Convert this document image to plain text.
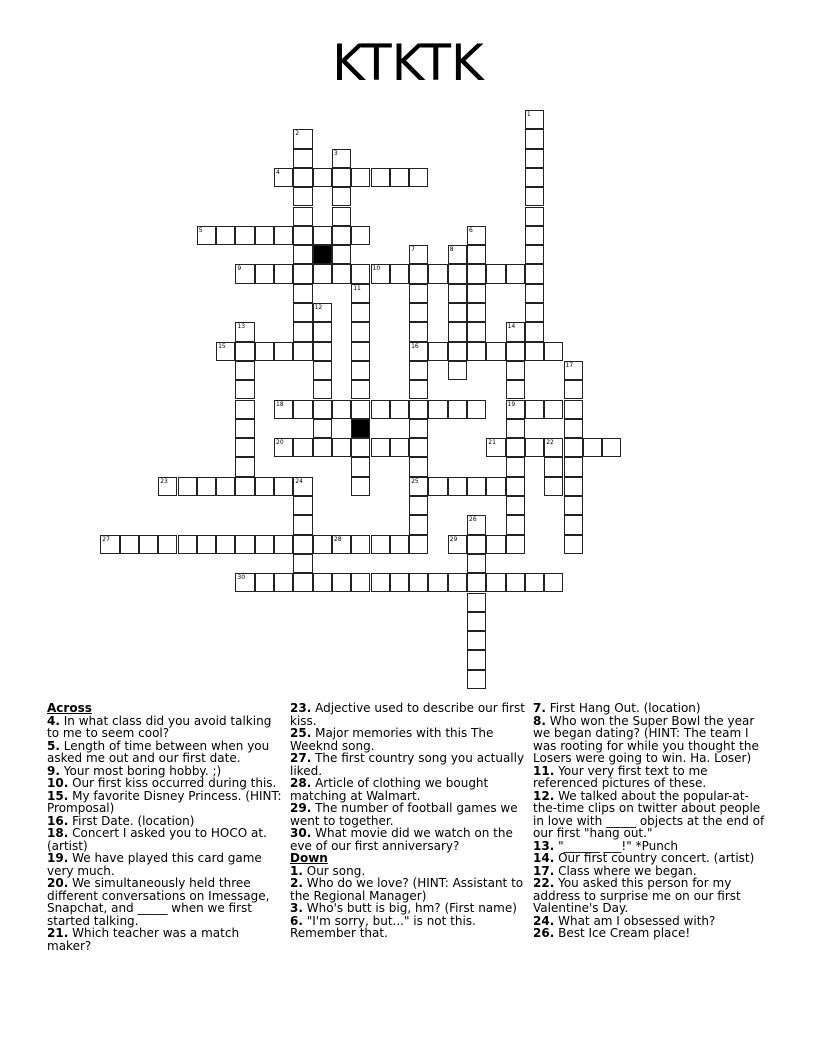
KTKTK
1
2
3
4
5	6
7
16
25
8
9	10
11
12
13	14
19
15
17
18
20	21	22
23	24
26
27	28	29
30
Across
4. In what class did you avoid talking to me to seem cool?
5. Length of time between when you asked me out and our first date.
9. Your most boring hobby. ;)
10. Our first kiss occurred during this.
15. My favorite Disney Princess. (HINT: Promposal)
16. First Date. (location)
18. Concert I asked you to HOCO at. (artist)
19. We have played this card game very much.
20. We simultaneously held three different conversations on Imessage, Snapchat, and _____ when we first started talking.
21. Which teacher was a match maker?
23. Adjective used to describe our first kiss.
25. Major memories with this The Weeknd song.
27. The first country song you actually liked.
28. Article of clothing we bought matching at Walmart.
29. The number of football games we went to together.
30. What movie did we watch on the eve of our first anniversary?
Down
1. Our song.
2. Who do we love? (HINT: Assistant to the Regional Manager)
3. Who's butt is big, hm? (First name)
6. "I'm sorry, but..." is not this. Remember that.
7. First Hang Out. (location)
8. Who won the Super Bowl the year we began dating? (HINT: The team I was rooting for while you thought the Losers were going to win. Ha. Loser)
11. Your very first text to me referenced pictures of these.
12. We talked about the popular-at-the-time clips on twitter about people in love with _____ objects at the end of our first "hang out."
13. "______ ___!" *Punch
14. Our first country concert. (artist)
17. Class where we began.
22. You asked this person for my address to surprise me on our first Valentine's Day.
24. What am I obsessed with?
26. Best Ice Cream place!
